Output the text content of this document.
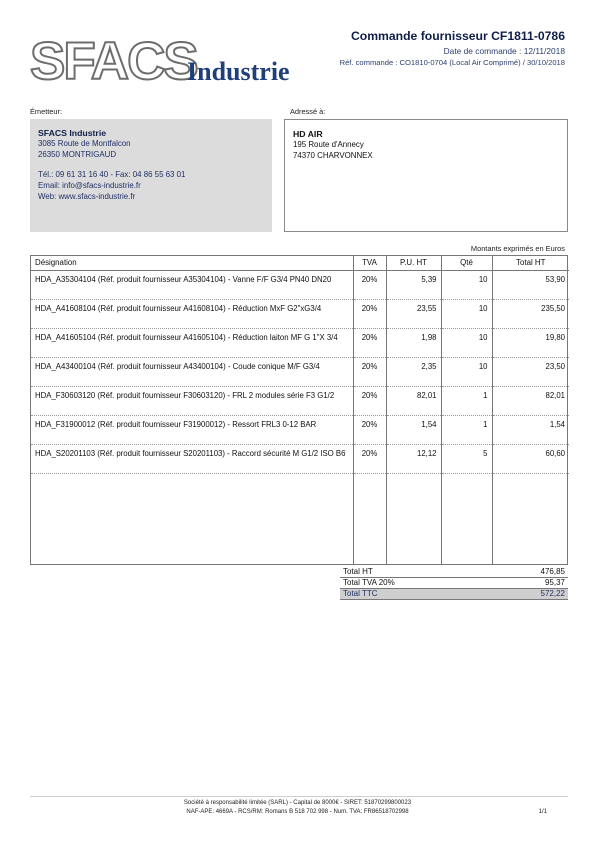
SFACS
Industrie
Commande fournisseur CF1811-0786
Date de commande : 12/11/2018
Réf. commande : CO1810-0704 (Local Air Comprimé) / 30/10/2018
Émetteur:	Adressé à:
SFACS Industrie
3085 Route de Montfalcon
26350 MONTRIGAUD
Tél.: 09 61 31 16 40 - Fax: 04 86 55 63 01
Email: info@sfacs-industrie.fr
Web: www.sfacs-industrie.fr
HD AIR
195 Route d'Annecy
74370 CHARVONNEX
Montants exprimés en Euros
Désignation	TVA	P.U. HT	Qté	Total HT
HDA_A35304104 (Réf. produit fournisseur A35304104) - Vanne F/F G3/4 PN40 DN20	20%	5,39	10	53,90
HDA_A41608104 (Réf. produit fournisseur A41608104) - Réduction MxF G2"xG3/4	20%	23,55	10	235,50
HDA_A41605104 (Réf. produit fournisseur A41605104) - Réduction laiton MF G 1"X 3/4	20%	1,98	10	19,80
HDA_A43400104 (Réf. produit fournisseur A43400104) - Coude conique M/F G3/4	20%	2,35	10	23,50
HDA_F30603120 (Réf. produit fournisseur F30603120) - FRL 2 modules série F3 G1/2	20%	82,01	1	82,01
HDA_F31900012 (Réf. produit fournisseur F31900012) - Ressort FRL3 0-12 BAR	20%	1,54	1	1,54
HDA_S20201103 (Réf. produit fournisseur S20201103) - Raccord sécurité M G1/2 ISO B6	20%	12,12	5	60,60
Total HT	476,85
Total TVA 20%	95,37
Total TTC	572,22
Société à responsabilité limitée (SARL) - Capital de 8000€ - SIRET: 51870299800023
NAF-APE: 4669A - RCS/RM: Romans B 518 702 998 - Num. TVA: FR86518702998	1/1
